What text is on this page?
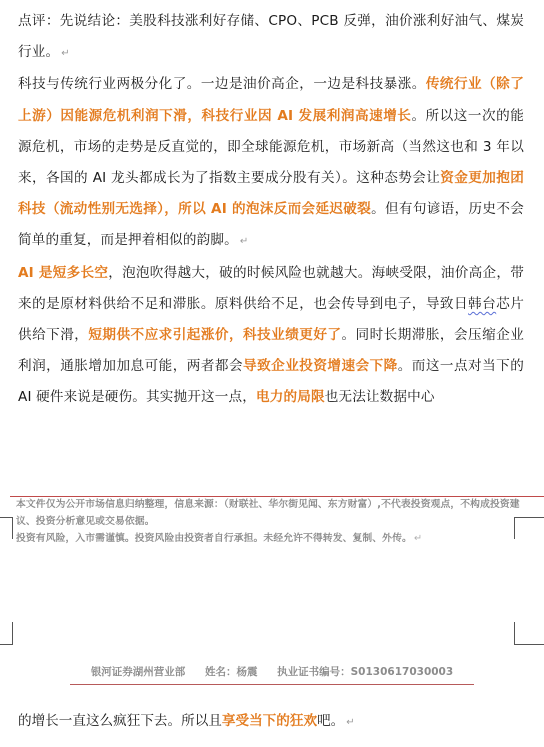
点评：先说结论：美股科技涨利好存储、CPO、PCB 反弹，油价涨利好油气、煤炭行业。 ↵

科技与传统行业两极分化了。一边是油价高企，一边是科技暴涨。传统行业（除了上游）因能源危机利润下滑，科技行业因 AI 发展利润高速增长。所以这一次的能源危机，市场的走势是反直觉的，即全球能源危机，市场新高（当然这也和 3 年以来，各国的 AI 龙头都成长为了指数主要成分股有关）。这种态势会让资金更加抱团科技（流动性别无选择），所以 AI 的泡沫反而会延迟破裂。但有句谚语，历史不会简单的重复，而是押着相似的韵脚。 ↵

AI 是短多长空，泡泡吹得越大，破的时候风险也就越大。海峡受限，油价高企，带来的是原材料供给不足和滞胀。原料供给不足，也会传导到电子，导致日韩台芯片供给下滑，短期供不应求引起涨价，科技业绩更好了。同时长期滞胀，会压缩企业利润，通胀增加加息可能，两者都会导致企业投资增速会下降。而这一点对当下的 AI 硬件来说是硬伤。其实抛开这一点，电力的局限也无法让数据中心

本文件仅为公开市场信息归纳整理，信息来源：（财联社、华尔街见闻、东方财富）,不代表投资观点，不构成投资建议、投资分析意见或交易依据。

投资有风险，入市需谨慎。投资风险由投资者自行承担。未经允许不得转发、复制、外传。 ↵

银河证券湖州营业部 姓名：杨震 执业证书编号：S0130617030003
的增长一直这么疯狂下去。所以且享受当下的狂欢吧。 ↵
